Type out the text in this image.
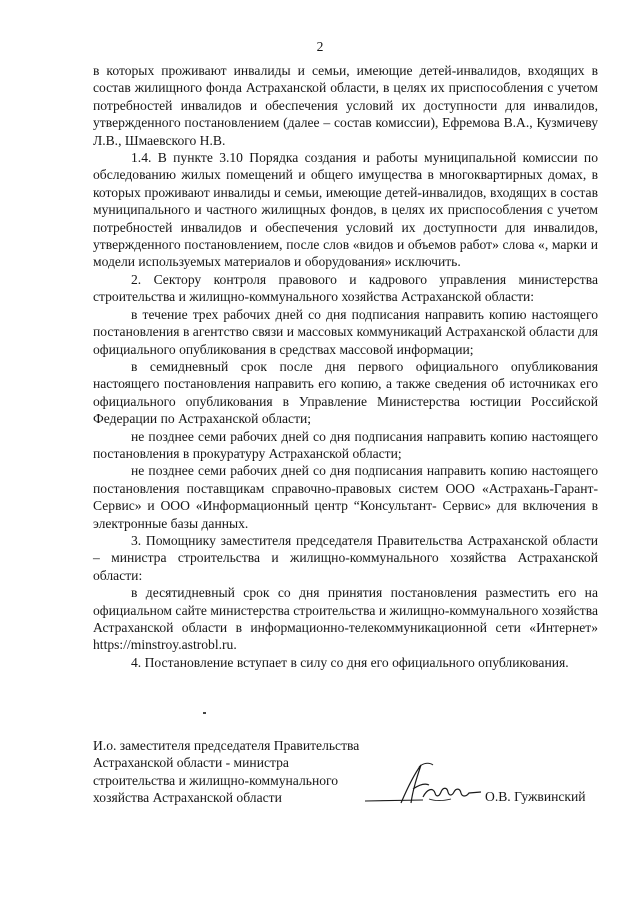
2

в которых проживают инвалиды и семьи, имеющие детей-инвалидов, входящих в состав жилищного фонда Астраханской области, в целях их приспособления с учетом потребностей инвалидов и обеспечения условий их доступности для инвалидов, утвержденного постановлением (далее – состав комиссии), Ефремова В.А., Кузмичеву Л.В., Шмаевского Н.В.

1.4. В пункте 3.10 Порядка создания и работы муниципальной комиссии по обследованию жилых помещений и общего имущества в многоквартирных домах, в которых проживают инвалиды и семьи, имеющие детей-инвалидов, входящих в состав муниципального и частного жилищных фондов, в целях их приспособления с учетом потребностей инвалидов и обеспечения условий их доступности для инвалидов, утвержденного постановлением, после слов «видов и объемов работ» слова «, марки и модели используемых материалов и оборудования» исключить.

2. Сектору контроля правового и кадрового управления министерства строительства и жилищно-коммунального хозяйства Астраханской области:

в течение трех рабочих дней со дня подписания направить копию настоящего постановления в агентство связи и массовых коммуникаций Астраханской области для официального опубликования в средствах массовой информации;

в семидневный срок после дня первого официального опубликования настоящего постановления направить его копию, а также сведения об источниках его официального опубликования в Управление Министерства юстиции Российской Федерации по Астраханской области;

не позднее семи рабочих дней со дня подписания направить копию настоящего постановления в прокуратуру Астраханской области;

не позднее семи рабочих дней со дня подписания направить копию настоящего постановления поставщикам справочно-правовых систем ООО «Астрахань-Гарант-Сервис» и ООО «Информационный центр “Консультант- Сервис» для включения в электронные базы данных.

3. Помощнику заместителя председателя Правительства Астраханской области – министра строительства и жилищно-коммунального хозяйства Астраханской области:

в десятидневный срок со дня принятия постановления разместить его на официальном сайте министерства строительства и жилищно-коммунального хозяйства Астраханской области в информационно-телекоммуникационной сети «Интернет» https://minstroy.astrobl.ru.

4. Постановление вступает в силу со дня его официального опубликования.

И.о. заместителя председателя Правительства

Астраханской области - министра

строительства и жилищно-коммунального

хозяйства Астраханской области	О.В. Гужвинский
